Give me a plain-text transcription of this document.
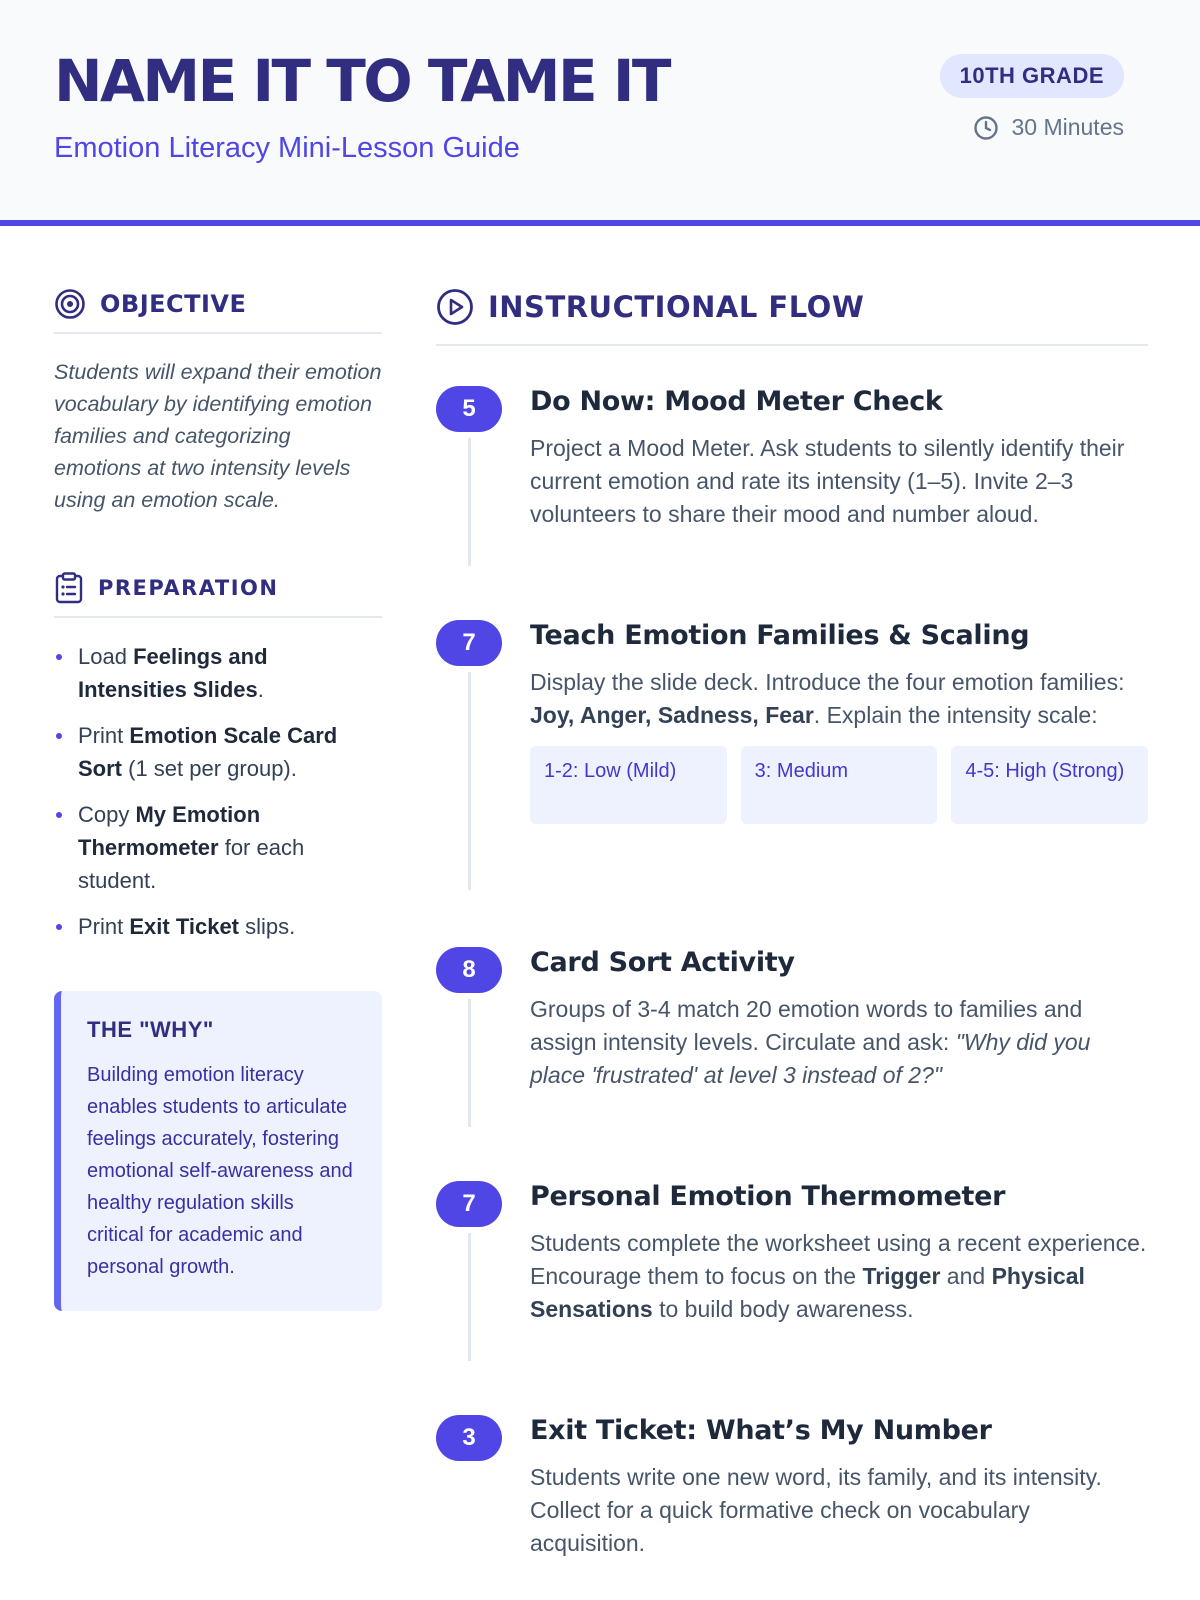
NAME IT TO TAME IT
Emotion Literacy Mini-Lesson Guide
10TH GRADE
30 Minutes
OBJECTIVE

Students will expand their emotion vocabulary by identifying emotion families and categorizing emotions at two intensity levels using an emotion scale.

PREPARATION
Load Feelings and Intensities Slides.
Print Emotion Scale Card Sort (1 set per group).
Copy My Emotion Thermometer for each student.
Print Exit Ticket slips.
THE "WHY"
Building emotion literacy enables students to articulate feelings accurately, fostering emotional self-awareness and healthy regulation skills critical for academic and personal growth.
INSTRUCTIONAL FLOW
5	Do Now: Mood Meter Check
Project a Mood Meter. Ask students to silently identify their current emotion and rate its intensity (1–5). Invite 2–3 volunteers to share their mood and number aloud.
7	Teach Emotion Families & Scaling
Display the slide deck. Introduce the four emotion families: Joy, Anger, Sadness, Fear. Explain the intensity scale:
1-2: Low (Mild)	3: Medium	4-5: High (Strong)
8	Card Sort Activity
Groups of 3-4 match 20 emotion words to families and assign intensity levels. Circulate and ask: "Why did you place 'frustrated' at level 3 instead of 2?"
7	Personal Emotion Thermometer
Students complete the worksheet using a recent experience. Encourage them to focus on the Trigger and Physical Sensations to build body awareness.
3	Exit Ticket: What’s My Number
Students write one new word, its family, and its intensity. Collect for a quick formative check on vocabulary acquisition.
